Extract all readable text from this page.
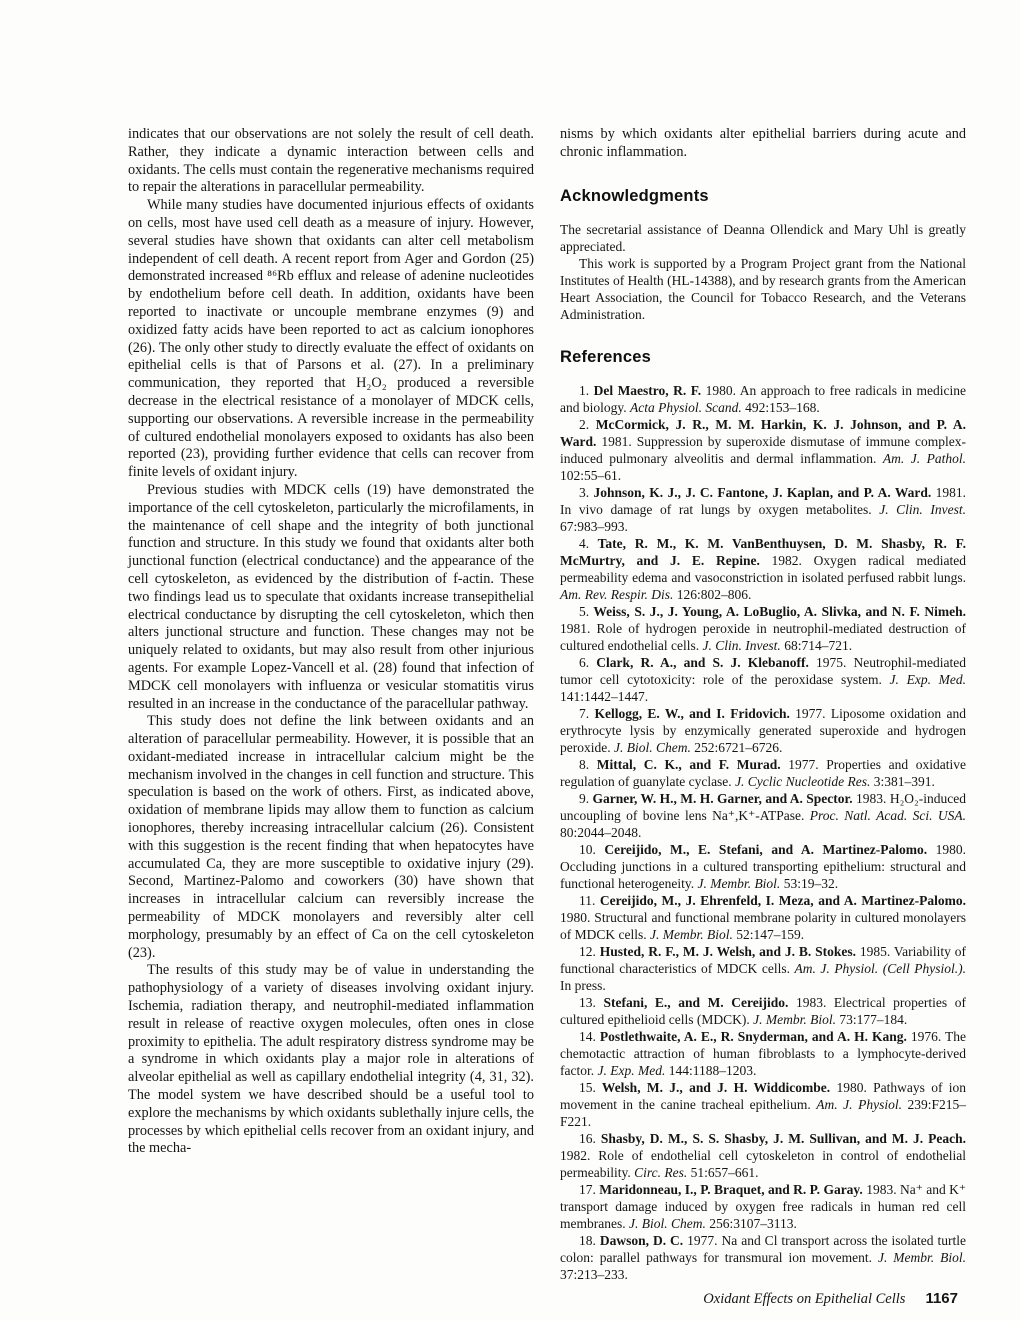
indicates that our observations are not solely the result of cell death. Rather, they indicate a dynamic interaction between cells and oxidants. The cells must contain the regenerative mechanisms required to repair the alterations in paracellular permeability.

While many studies have documented injurious effects of oxidants on cells, most have used cell death as a measure of injury. However, several studies have shown that oxidants can alter cell metabolism independent of cell death. A recent report from Ager and Gordon (25) demonstrated increased ⁸⁶Rb efflux and release of adenine nucleotides by endothelium before cell death. In addition, oxidants have been reported to inactivate or uncouple membrane enzymes (9) and oxidized fatty acids have been reported to act as calcium ionophores (26). The only other study to directly evaluate the effect of oxidants on epithelial cells is that of Parsons et al. (27). In a preliminary communication, they reported that H₂O₂ produced a reversible decrease in the electrical resistance of a monolayer of MDCK cells, supporting our observations. A reversible increase in the permeability of cultured endothelial monolayers exposed to oxidants has also been reported (23), providing further evidence that cells can recover from finite levels of oxidant injury.

Previous studies with MDCK cells (19) have demonstrated the importance of the cell cytoskeleton, particularly the microfilaments, in the maintenance of cell shape and the integrity of both junctional function and structure. In this study we found that oxidants alter both junctional function (electrical conductance) and the appearance of the cell cytoskeleton, as evidenced by the distribution of f-actin. These two findings lead us to speculate that oxidants increase transepithelial electrical conductance by disrupting the cell cytoskeleton, which then alters junctional structure and function. These changes may not be uniquely related to oxidants, but may also result from other injurious agents. For example Lopez-Vancell et al. (28) found that infection of MDCK cell monolayers with influenza or vesicular stomatitis virus resulted in an increase in the conductance of the paracellular pathway.

This study does not define the link between oxidants and an alteration of paracellular permeability. However, it is possible that an oxidant-mediated increase in intracellular calcium might be the mechanism involved in the changes in cell function and structure. This speculation is based on the work of others. First, as indicated above, oxidation of membrane lipids may allow them to function as calcium ionophores, thereby increasing intracellular calcium (26). Consistent with this suggestion is the recent finding that when hepatocytes have accumulated Ca, they are more susceptible to oxidative injury (29). Second, Martinez-Palomo and coworkers (30) have shown that increases in intracellular calcium can reversibly increase the permeability of MDCK monolayers and reversibly alter cell morphology, presumably by an effect of Ca on the cell cytoskeleton (23).

The results of this study may be of value in understanding the pathophysiology of a variety of diseases involving oxidant injury. Ischemia, radiation therapy, and neutrophil-mediated inflammation result in release of reactive oxygen molecules, often ones in close proximity to epithelia. The adult respiratory distress syndrome may be a syndrome in which oxidants play a major role in alterations of alveolar epithelial as well as capillary endothelial integrity (4, 31, 32). The model system we have described should be a useful tool to explore the mechanisms by which oxidants sublethally injure cells, the processes by which epithelial cells recover from an oxidant injury, and the mecha-

nisms by which oxidants alter epithelial barriers during acute and chronic inflammation.

Acknowledgments

The secretarial assistance of Deanna Ollendick and Mary Uhl is greatly appreciated.

This work is supported by a Program Project grant from the National Institutes of Health (HL-14388), and by research grants from the American Heart Association, the Council for Tobacco Research, and the Veterans Administration.

References

1. Del Maestro, R. F. 1980. An approach to free radicals in medicine and biology. Acta Physiol. Scand. 492:153–168.

2. McCormick, J. R., M. M. Harkin, K. J. Johnson, and P. A. Ward. 1981. Suppression by superoxide dismutase of immune complex-induced pulmonary alveolitis and dermal inflammation. Am. J. Pathol. 102:55–61.

3. Johnson, K. J., J. C. Fantone, J. Kaplan, and P. A. Ward. 1981. In vivo damage of rat lungs by oxygen metabolites. J. Clin. Invest. 67:983–993.

4. Tate, R. M., K. M. VanBenthuysen, D. M. Shasby, R. F. McMurtry, and J. E. Repine. 1982. Oxygen radical mediated permeability edema and vasoconstriction in isolated perfused rabbit lungs. Am. Rev. Respir. Dis. 126:802–806.

5. Weiss, S. J., J. Young, A. LoBuglio, A. Slivka, and N. F. Nimeh. 1981. Role of hydrogen peroxide in neutrophil-mediated destruction of cultured endothelial cells. J. Clin. Invest. 68:714–721.

6. Clark, R. A., and S. J. Klebanoff. 1975. Neutrophil-mediated tumor cell cytotoxicity: role of the peroxidase system. J. Exp. Med. 141:1442–1447.

7. Kellogg, E. W., and I. Fridovich. 1977. Liposome oxidation and erythrocyte lysis by enzymically generated superoxide and hydrogen peroxide. J. Biol. Chem. 252:6721–6726.

8. Mittal, C. K., and F. Murad. 1977. Properties and oxidative regulation of guanylate cyclase. J. Cyclic Nucleotide Res. 3:381–391.

9. Garner, W. H., M. H. Garner, and A. Spector. 1983. H₂O₂-induced uncoupling of bovine lens Na⁺,K⁺-ATPase. Proc. Natl. Acad. Sci. USA. 80:2044–2048.

10. Cereijido, M., E. Stefani, and A. Martinez-Palomo. 1980. Occluding junctions in a cultured transporting epithelium: structural and functional heterogeneity. J. Membr. Biol. 53:19–32.

11. Cereijido, M., J. Ehrenfeld, I. Meza, and A. Martinez-Palomo. 1980. Structural and functional membrane polarity in cultured monolayers of MDCK cells. J. Membr. Biol. 52:147–159.

12. Husted, R. F., M. J. Welsh, and J. B. Stokes. 1985. Variability of functional characteristics of MDCK cells. Am. J. Physiol. (Cell Physiol.). In press.

13. Stefani, E., and M. Cereijido. 1983. Electrical properties of cultured epithelioid cells (MDCK). J. Membr. Biol. 73:177–184.

14. Postlethwaite, A. E., R. Snyderman, and A. H. Kang. 1976. The chemotactic attraction of human fibroblasts to a lymphocyte-derived factor. J. Exp. Med. 144:1188–1203.

15. Welsh, M. J., and J. H. Widdicombe. 1980. Pathways of ion movement in the canine tracheal epithelium. Am. J. Physiol. 239:F215–F221.

16. Shasby, D. M., S. S. Shasby, J. M. Sullivan, and M. J. Peach. 1982. Role of endothelial cell cytoskeleton in control of endothelial permeability. Circ. Res. 51:657–661.

17. Maridonneau, I., P. Braquet, and R. P. Garay. 1983. Na⁺ and K⁺ transport damage induced by oxygen free radicals in human red cell membranes. J. Biol. Chem. 256:3107–3113.

18. Dawson, D. C. 1977. Na and Cl transport across the isolated turtle colon: parallel pathways for transmural ion movement. J. Membr. Biol. 37:213–233.

Oxidant Effects on Epithelial Cells 1167
